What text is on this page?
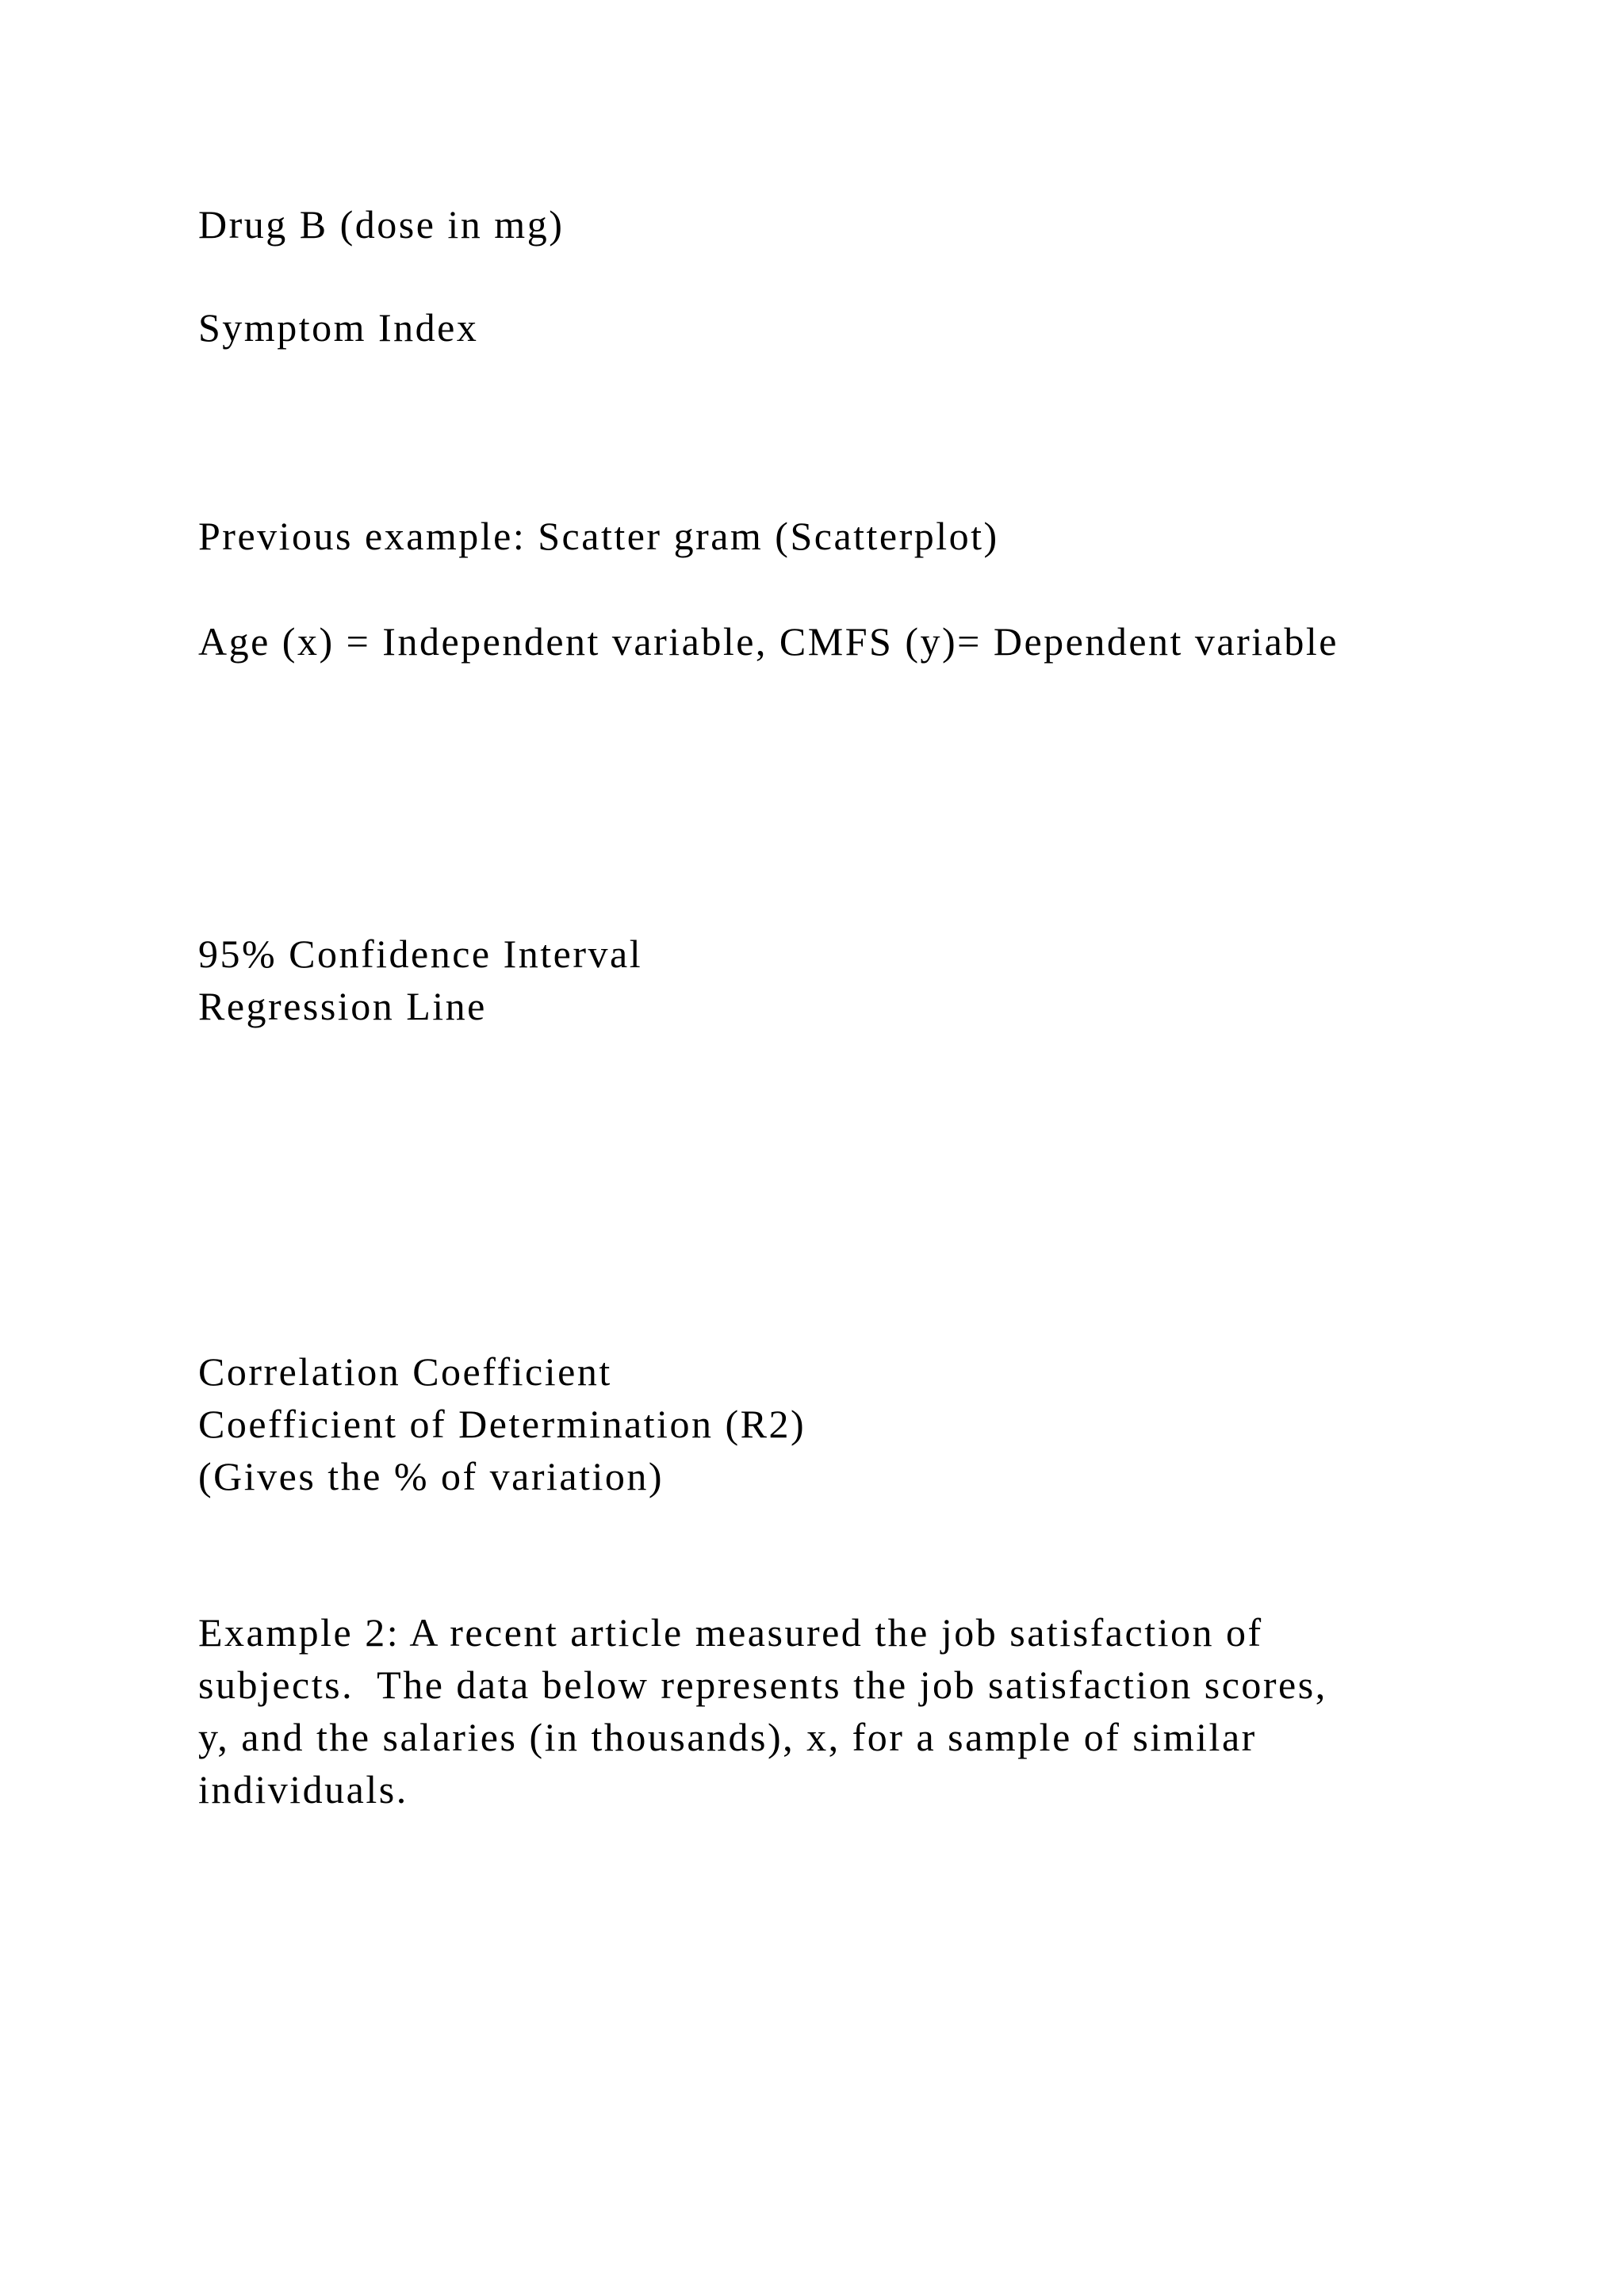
Drug B (dose in mg)

Symptom Index

Previous example: Scatter gram (Scatterplot)

Age (x) = Independent variable, CMFS (y)= Dependent variable

95% Confidence Interval
Regression Line
Correlation Coefficient
Coefficient of Determination (R2)
(Gives the % of variation)
Example 2: A recent article measured the job satisfaction of
subjects.  The data below represents the job satisfaction scores,
y, and the salaries (in thousands), x, for a sample of similar
individuals.
